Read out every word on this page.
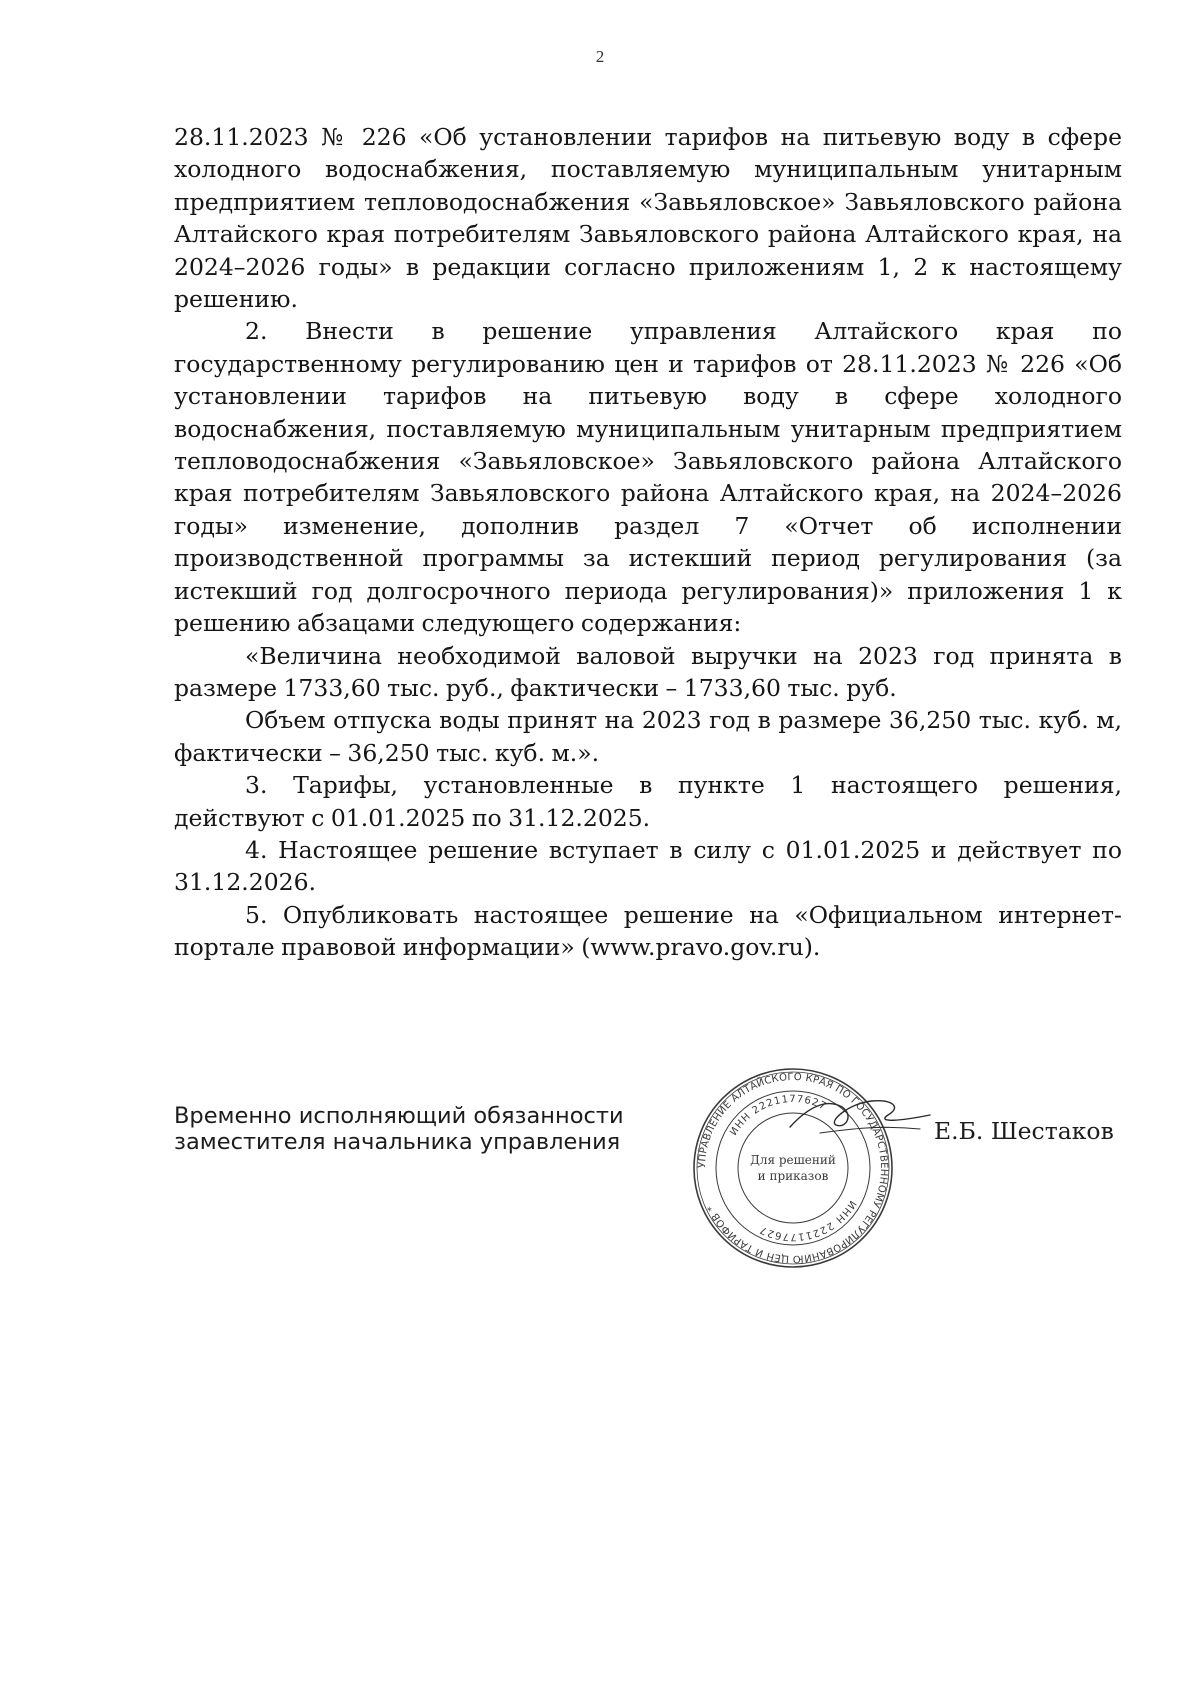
2

28.11.2023 № 226 «Об установлении тарифов на питьевую воду в сфере холодного водоснабжения, поставляемую муниципальным унитарным предприятием тепловодоснабжения «Завьяловское» Завьяловского района Алтайского края потребителям Завьяловского района Алтайского края, на 2024–2026 годы» в редакции согласно приложениям 1, 2 к настоящему решению.

2. Внести в решение управления Алтайского края по государственному регулированию цен и тарифов от 28.11.2023 № 226 «Об установлении тарифов на питьевую воду в сфере холодного водоснабжения, поставляемую муниципальным унитарным предприятием тепловодоснабжения «Завьяловское» Завьяловского района Алтайского края потребителям Завьяловского района Алтайского края, на 2024–2026 годы» изменение, дополнив раздел 7 «Отчет об исполнении производственной программы за истекший период регулирования (за истекший год долгосрочного периода регулирования)» приложения 1 к решению абзацами следующего содержания:

«Величина необходимой валовой выручки на 2023 год принята в размере 1733,60 тыс. руб., фактически – 1733,60 тыс. руб.

Объем отпуска воды принят на 2023 год в размере 36,250 тыс. куб. м, фактически – 36,250 тыс. куб. м.».

3. Тарифы, установленные в пункте 1 настоящего решения, действуют с 01.01.2025 по 31.12.2025.

4. Настоящее решение вступает в силу с 01.01.2025 и действует по 31.12.2026.

5. Опубликовать настоящее решение на «Официальном интернет-портале правовой информации» (www.pravo.gov.ru).

Временно исполняющий обязанности
заместителя начальника управления
УПРАВЛЕНИЕ АЛТАЙСКОГО КРАЯ ПО ГОСУДАРСТВЕННОМУ РЕГУЛИРОВАНИЮ ЦЕН И ТАРИФОВ *
ИНН 2221177627
ИНН 2221177627
Для решений
и приказов
Е.Б. Шестаков
